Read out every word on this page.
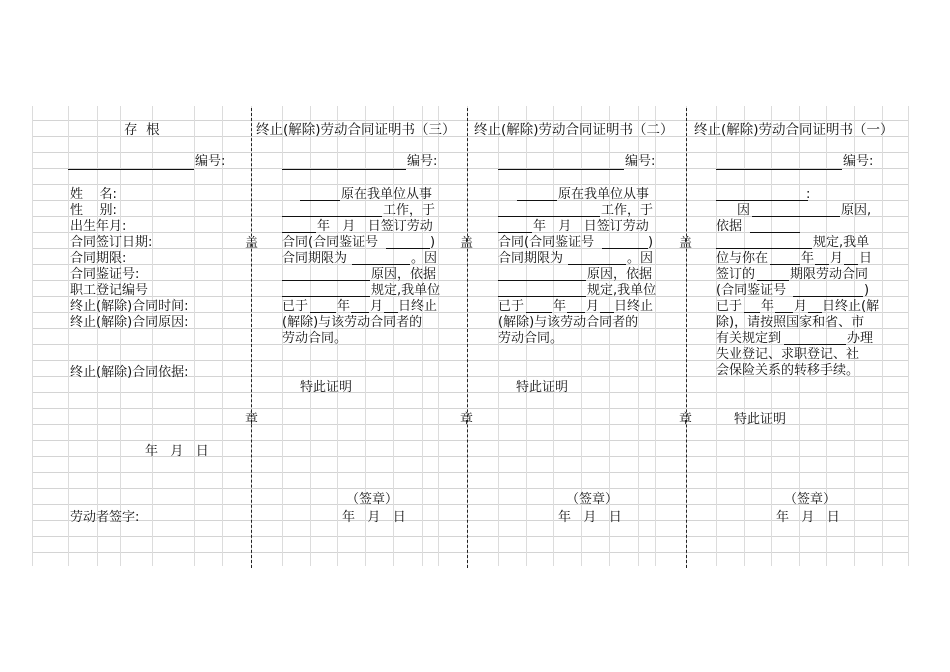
盖
章
盖
章
盖
章
存  根
编号:
姓    名:
性    别:
出生年月:
合同签订日期:
合同期限:
合同鉴证号:
职工登记编号
终止(解除)合同时间:
终止(解除)合同原因:
终止(解除)合同依据:
年   月   日
劳动者签字:
终止(解除)劳动合同证明书（三）
编号:
原在我单位从事
工作，于
年   月   日签订劳动
合同(合同鉴证号	)
合同期限为	。因
原因，依据
规定,我单位
已于 年 月 日终止
(解除)与该劳动合同者的
劳动合同。
特此证明
（签章）
年   月   日
终止(解除)劳动合同证明书（二）
编号:
原在我单位从事
工作，于
年   月   日签订劳动
合同(合同鉴证号	)
合同期限为	。因
原因，依据
规定,我单位
已于 年 月 日终止
(解除)与该劳动合同者的
劳动合同。
特此证明
（签章）
年   月   日
终止(解除)劳动合同证明书（一）
编号:
:
因	原因,
依据
规定,我单
位与你在	年 月 日
签订的	期限劳动合同
(合同鉴证号	)
已于 年 月 日终止(解
除)，请按照国家和省、市
有关规定到	办理
失业登记、求职登记、社
会保险关系的转移手续。
特此证明
（签章）
年   月   日
